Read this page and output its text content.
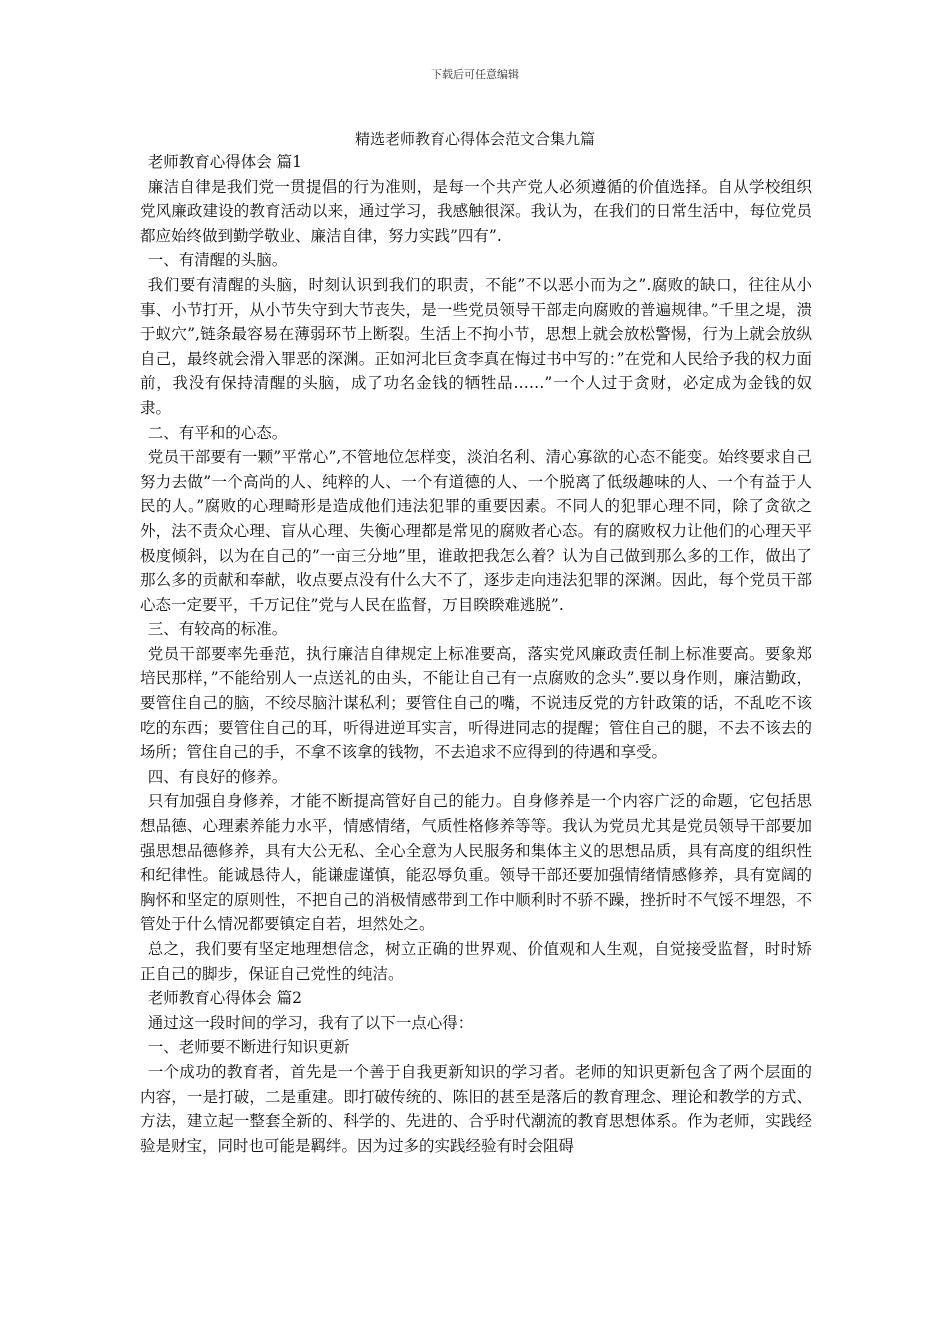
下载后可任意编辑
精选老师教育心得体会范文合集九篇

老师教育心得体会 篇1

廉洁自律是我们党一贯提倡的行为准则，是每一个共产党人必须遵循的价值选择。自从学校组织党风廉政建设的教育活动以来，通过学习，我感触很深。我认为，在我们的日常生活中，每位党员都应始终做到勤学敬业、廉洁自律，努力实践”四有”.

一、有清醒的头脑。

我们要有清醒的头脑，时刻认识到我们的职责，不能”不以恶小而为之”.腐败的缺口，往往从小事、小节打开，从小节失守到大节丧失，是一些党员领导干部走向腐败的普遍规律。”千里之堤，溃于蚁穴”,链条最容易在薄弱环节上断裂。生活上不拘小节，思想上就会放松警惕，行为上就会放纵自己，最终就会滑入罪恶的深渊。正如河北巨贪李真在悔过书中写的：”在党和人民给予我的权力面前，我没有保持清醒的头脑，成了功名金钱的牺牲品……”一个人过于贪财，必定成为金钱的奴隶。

二、有平和的心态。

党员干部要有一颗”平常心”,不管地位怎样变，淡泊名利、清心寡欲的心态不能变。始终要求自己努力去做”一个高尚的人、纯粹的人、一个有道德的人、一个脱离了低级趣味的人、一个有益于人民的人。”腐败的心理畸形是造成他们违法犯罪的重要因素。不同人的犯罪心理不同，除了贪欲之外，法不责众心理、盲从心理、失衡心理都是常见的腐败者心态。有的腐败权力让他们的心理天平极度倾斜，以为在自己的”一亩三分地”里，谁敢把我怎么着？认为自己做到那么多的工作，做出了那么多的贡献和奉献，收点要点没有什么大不了，逐步走向违法犯罪的深渊。因此，每个党员干部心态一定要平，千万记住”党与人民在监督，万目睽睽难逃脱”.

三、有较高的标准。

党员干部要率先垂范，执行廉洁自律规定上标准要高，落实党风廉政责任制上标准要高。要象郑培民那样，”不能给别人一点送礼的由头，不能让自己有一点腐败的念头”.要以身作则，廉洁勤政，要管住自己的脑，不绞尽脑汁谋私利；要管住自己的嘴，不说违反党的方针政策的话，不乱吃不该吃的东西；要管住自己的耳，听得进逆耳实言，听得进同志的提醒；管住自己的腿，不去不该去的场所；管住自己的手，不拿不该拿的钱物，不去追求不应得到的待遇和享受。

四、有良好的修养。

只有加强自身修养，才能不断提高管好自己的能力。自身修养是一个内容广泛的命题，它包括思想品德、心理素养能力水平，情感情绪，气质性格修养等等。我认为党员尤其是党员领导干部要加强思想品德修养，具有大公无私、全心全意为人民服务和集体主义的思想品质，具有高度的组织性和纪律性。能诚恳待人，能谦虚谨慎，能忍辱负重。领导干部还要加强情绪情感修养，具有宽阔的胸怀和坚定的原则性，不把自己的消极情感带到工作中顺利时不骄不躁，挫折时不气馁不埋怨，不管处于什么情况都要镇定自若，坦然处之。

总之，我们要有坚定地理想信念，树立正确的世界观、价值观和人生观，自觉接受监督，时时矫正自己的脚步，保证自己党性的纯洁。

老师教育心得体会 篇2

通过这一段时间的学习，我有了以下一点心得：

一、老师要不断进行知识更新

一个成功的教育者，首先是一个善于自我更新知识的学习者。老师的知识更新包含了两个层面的内容，一是打破，二是重建。即打破传统的、陈旧的甚至是落后的教育理念、理论和教学的方式、方法，建立起一整套全新的、科学的、先进的、合乎时代潮流的教育思想体系。作为老师，实践经验是财宝，同时也可能是羁绊。因为过多的实践经验有时会阻碍
